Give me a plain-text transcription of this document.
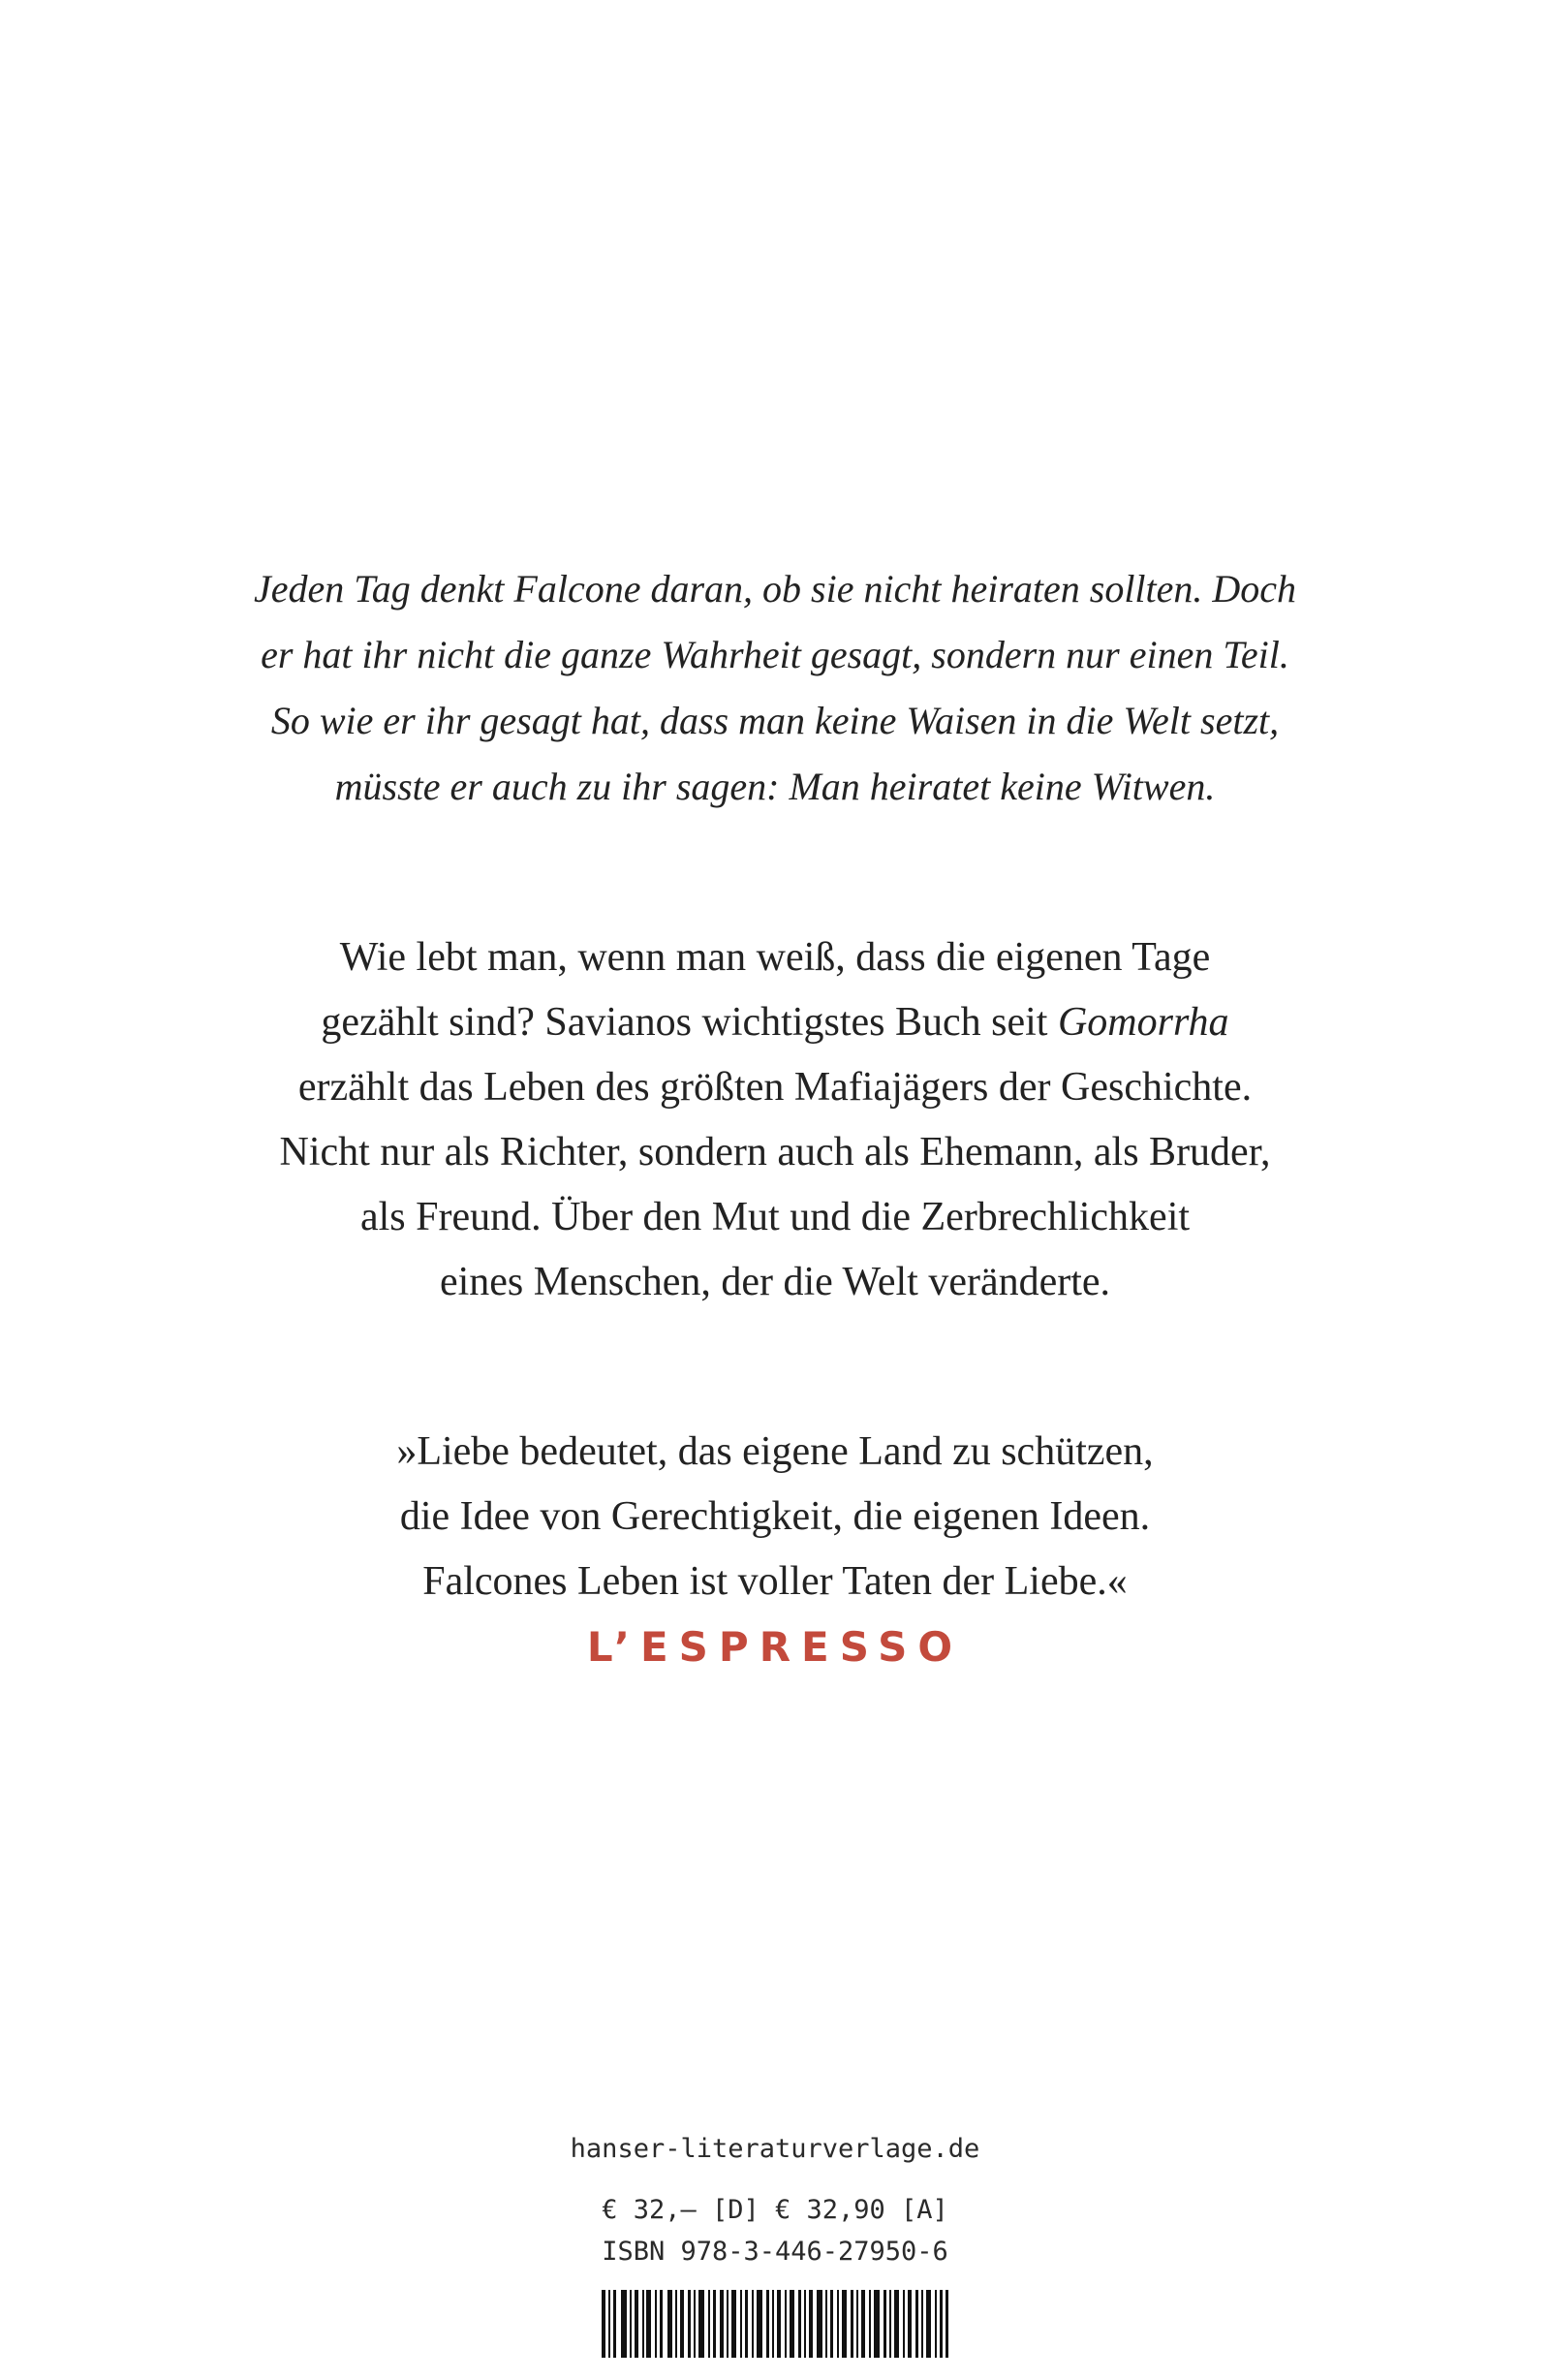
Jeden Tag denkt Falcone daran, ob sie nicht heiraten sollten. Doch
er hat ihr nicht die ganze Wahrheit gesagt, sondern nur einen Teil.
So wie er ihr gesagt hat, dass man keine Waisen in die Welt setzt,
müsste er auch zu ihr sagen: Man heiratet keine Witwen.
Wie lebt man, wenn man weiß, dass die eigenen Tage
gezählt sind? Savianos wichtigstes Buch seit Gomorrha
erzählt das Leben des größten Mafiajägers der Geschichte.
Nicht nur als Richter, sondern auch als Ehemann, als Bruder,
als Freund. Über den Mut und die Zerbrechlichkeit
eines Menschen, der die Welt veränderte.
»Liebe bedeutet, das eigene Land zu schützen,
die Idee von Gerechtigkeit, die eigenen Ideen.
Falcones Leben ist voller Taten der Liebe.«
L’ESPRESSO
hanser-literaturverlage.de
€ 32,– [D] € 32,90 [A]
ISBN 978-3-446-27950-6
